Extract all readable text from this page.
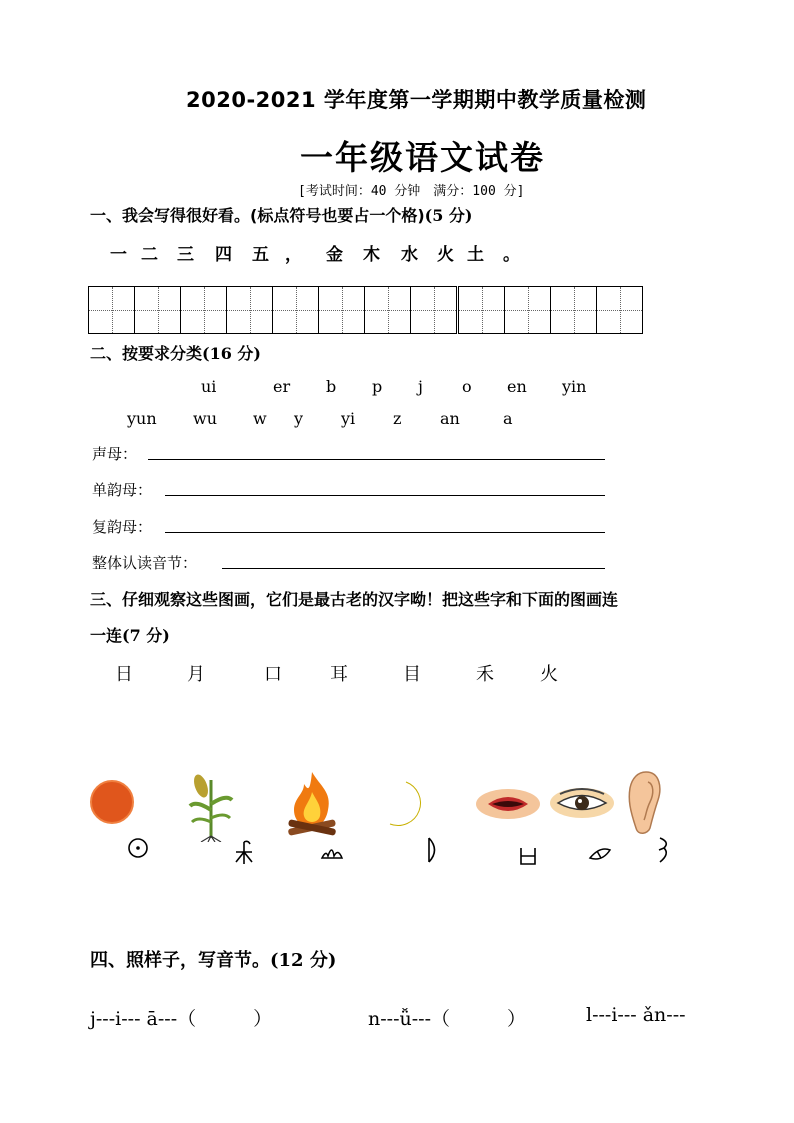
2020-2021 学年度第一学期期中教学质量检测
一年级语文试卷
[考试时间：40 分钟　满分：100 分]
一、我会写得很好看。(标点符号也要占一个格)(5 分)
一 二 三 四 五 ， 金 木 水 火 土 。
二、按要求分类(16 分)
ui	er b p j o en yin
yun wu w y yi z an	a
声母：
单韵母：
复韵母：
整体认读音节：
三、仔细观察这些图画，它们是最古老的汉字呦！把这些字和下面的图画连
一连(7 分)
日	月	口	耳	目	禾	火
四、照样子，写音节。(12 分)
j---i--- ā---（　　　）	n---ǚ---（　　　）	l---i--- ǎn---
